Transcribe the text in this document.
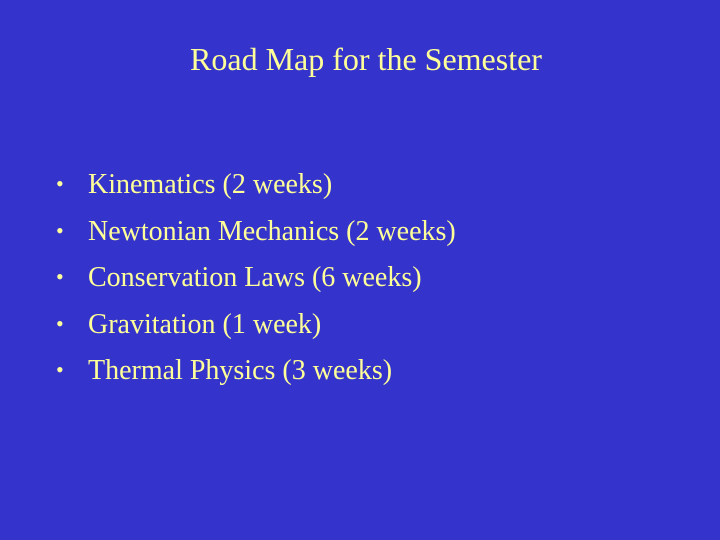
Road Map for the Semester
• Kinematics (2 weeks)
• Newtonian Mechanics (2 weeks)
• Conservation Laws (6 weeks)
• Gravitation (1 week)
• Thermal Physics (3 weeks)
